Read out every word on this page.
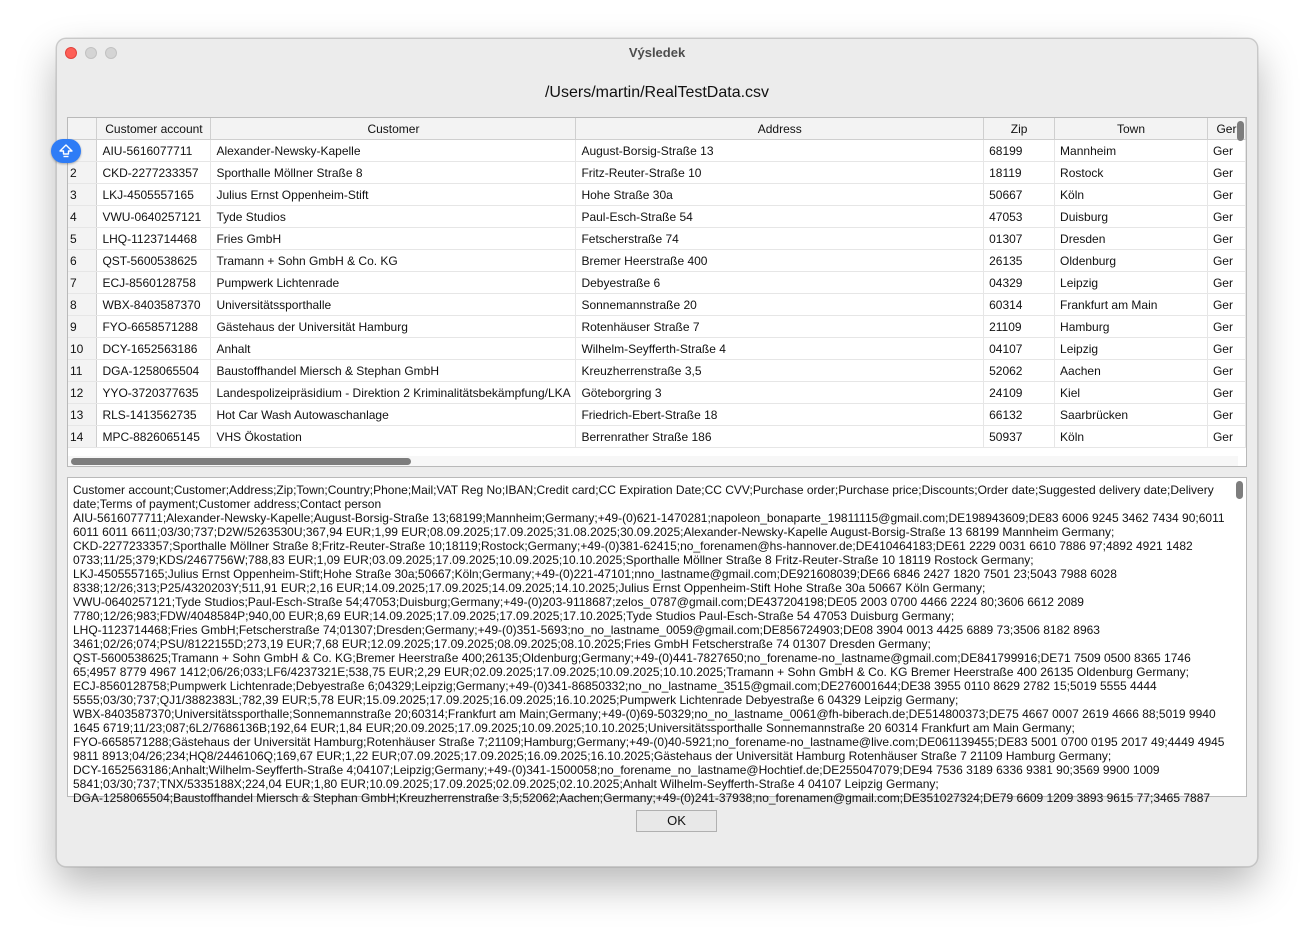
Výsledek
/Users/martin/RealTestData.csv
	Customer account	Customer	Address	Zip	Town	Ger
	AIU-5616077711	Alexander-Newsky-Kapelle	August-Borsig-Straße 13	68199	Mannheim	Ger
2	CKD-2277233357	Sporthalle Möllner Straße 8	Fritz-Reuter-Straße 10	18119	Rostock	Ger
3	LKJ-4505557165	Julius Ernst Oppenheim-Stift	Hohe Straße 30a	50667	Köln	Ger
4	VWU-0640257121	Tyde Studios	Paul-Esch-Straße 54	47053	Duisburg	Ger
5	LHQ-1123714468	Fries GmbH	Fetscherstraße 74	01307	Dresden	Ger
6	QST-5600538625	Tramann + Sohn GmbH & Co. KG	Bremer Heerstraße 400	26135	Oldenburg	Ger
7	ECJ-8560128758	Pumpwerk Lichtenrade	Debyestraße 6	04329	Leipzig	Ger
8	WBX-8403587370	Universitätssporthalle	Sonnemannstraße 20	60314	Frankfurt am Main	Ger
9	FYO-6658571288	Gästehaus der Universität Hamburg	Rotenhäuser Straße 7	21109	Hamburg	Ger
10	DCY-1652563186	Anhalt	Wilhelm-Seyfferth-Straße 4	04107	Leipzig	Ger
11	DGA-1258065504	Baustoffhandel Miersch & Stephan GmbH	Kreuzherrenstraße 3,5	52062	Aachen	Ger
12	YYO-3720377635	Landespolizeipräsidium - Direktion 2 Kriminalitätsbekämpfung/LKA	Göteborgring 3	24109	Kiel	Ger
13	RLS-1413562735	Hot Car Wash Autowaschanlage	Friedrich-Ebert-Straße 18	66132	Saarbrücken	Ger
14	MPC-8826065145	VHS Ökostation	Berrenrather Straße 186	50937	Köln	Ger
Customer account;Customer;Address;Zip;Town;Country;Phone;Mail;VAT Reg No;IBAN;Credit card;CC Expiration Date;CC CVV;Purchase order;Purchase price;Discounts;Order date;Suggested delivery date;Delivery date;Terms of payment;Customer address;Contact person
AIU-5616077711;Alexander-Newsky-Kapelle;August-Borsig-Straße 13;68199;Mannheim;Germany;+49-(0)621-1470281;napoleon_bonaparte_19811115@gmail.com;DE198943609;DE83 6006 9245 3462 7434 90;6011 6011 6011 6611;03/30;737;D2W/5263530U;367,94 EUR;1,99 EUR;08.09.2025;17.09.2025;31.08.2025;30.09.2025;Alexander-Newsky-Kapelle August-Borsig-Straße 13 68199 Mannheim Germany;
CKD-2277233357;Sporthalle Möllner Straße 8;Fritz-Reuter-Straße 10;18119;Rostock;Germany;+49-(0)381-62415;no_forenamen@hs-hannover.de;DE410464183;DE61 2229 0031 6610 7886 97;4892 4921 1482 0733;11/25;379;KDS/2467756W;788,83 EUR;1,09 EUR;03.09.2025;17.09.2025;10.09.2025;10.10.2025;Sporthalle Möllner Straße 8 Fritz-Reuter-Straße 10 18119 Rostock Germany;
LKJ-4505557165;Julius Ernst Oppenheim-Stift;Hohe Straße 30a;50667;Köln;Germany;+49-(0)221-47101;nno_lastname@gmail.com;DE921608039;DE66 6846 2427 1820 7501 23;5043 7988 6028 8338;12/26;313;P25/4320203Y;511,91 EUR;2,16 EUR;14.09.2025;17.09.2025;14.09.2025;14.10.2025;Julius Ernst Oppenheim-Stift Hohe Straße 30a 50667 Köln Germany;
VWU-0640257121;Tyde Studios;Paul-Esch-Straße 54;47053;Duisburg;Germany;+49-(0)203-9118687;zelos_0787@gmail.com;DE437204198;DE05 2003 0700 4466 2224 80;3606 6612 2089 7780;12/26;983;FDW/4048584P;940,00 EUR;8,69 EUR;14.09.2025;17.09.2025;17.09.2025;17.10.2025;Tyde Studios Paul-Esch-Straße 54 47053 Duisburg Germany;
LHQ-1123714468;Fries GmbH;Fetscherstraße 74;01307;Dresden;Germany;+49-(0)351-5693;no_no_lastname_0059@gmail.com;DE856724903;DE08 3904 0013 4425 6889 73;3506 8182 8963 3461;02/26;074;PSU/8122155D;273,19 EUR;7,68 EUR;12.09.2025;17.09.2025;08.09.2025;08.10.2025;Fries GmbH Fetscherstraße 74 01307 Dresden Germany;
QST-5600538625;Tramann + Sohn GmbH & Co. KG;Bremer Heerstraße 400;26135;Oldenburg;Germany;+49-(0)441-7827650;no_forename-no_lastname@gmail.com;DE841799916;DE71 7509 0500 8365 1746 65;4957 8779 4967 1412;06/26;033;LF6/4237321E;538,75 EUR;2,29 EUR;02.09.2025;17.09.2025;10.09.2025;10.10.2025;Tramann + Sohn GmbH & Co. KG Bremer Heerstraße 400 26135 Oldenburg Germany;
ECJ-8560128758;Pumpwerk Lichtenrade;Debyestraße 6;04329;Leipzig;Germany;+49-(0)341-86850332;no_no_lastname_3515@gmail.com;DE276001644;DE38 3955 0110 8629 2782 15;5019 5555 4444 5555;03/30;737;QJ1/3882383L;782,39 EUR;5,78 EUR;15.09.2025;17.09.2025;16.09.2025;16.10.2025;Pumpwerk Lichtenrade Debyestraße 6 04329 Leipzig Germany;
WBX-8403587370;Universitätssporthalle;Sonnemannstraße 20;60314;Frankfurt am Main;Germany;+49-(0)69-50329;no_no_lastname_0061@fh-biberach.de;DE514800373;DE75 4667 0007 2619 4666 88;5019 9940 1645 6719;11/23;087;6L2/7686136B;192,64 EUR;1,84 EUR;20.09.2025;17.09.2025;10.09.2025;10.10.2025;Universitätssporthalle Sonnemannstraße 20 60314 Frankfurt am Main Germany;
FYO-6658571288;Gästehaus der Universität Hamburg;Rotenhäuser Straße 7;21109;Hamburg;Germany;+49-(0)40-5921;no_forename-no_lastname@live.com;DE061139455;DE83 5001 0700 0195 2017 49;4449 4945 9811 8913;04/26;234;HQ8/2446106Q;169,67 EUR;1,22 EUR;07.09.2025;17.09.2025;16.09.2025;16.10.2025;Gästehaus der Universität Hamburg Rotenhäuser Straße 7 21109 Hamburg Germany;
DCY-1652563186;Anhalt;Wilhelm-Seyfferth-Straße 4;04107;Leipzig;Germany;+49-(0)341-1500058;no_forename_no_lastname@Hochtief.de;DE255047079;DE94 7536 3189 6336 9381 90;3569 9900 1009 5841;03/30;737;TNX/5335188X;224,04 EUR;1,80 EUR;10.09.2025;17.09.2025;02.09.2025;02.10.2025;Anhalt Wilhelm-Seyfferth-Straße 4 04107 Leipzig Germany;
DGA-1258065504;Baustoffhandel Miersch & Stephan GmbH;Kreuzherrenstraße 3,5;52062;Aachen;Germany;+49-(0)241-37938;no_forenamen@gmail.com;DE351027324;DE79 6609 1209 3893 9615 77;3465 7887
OK
